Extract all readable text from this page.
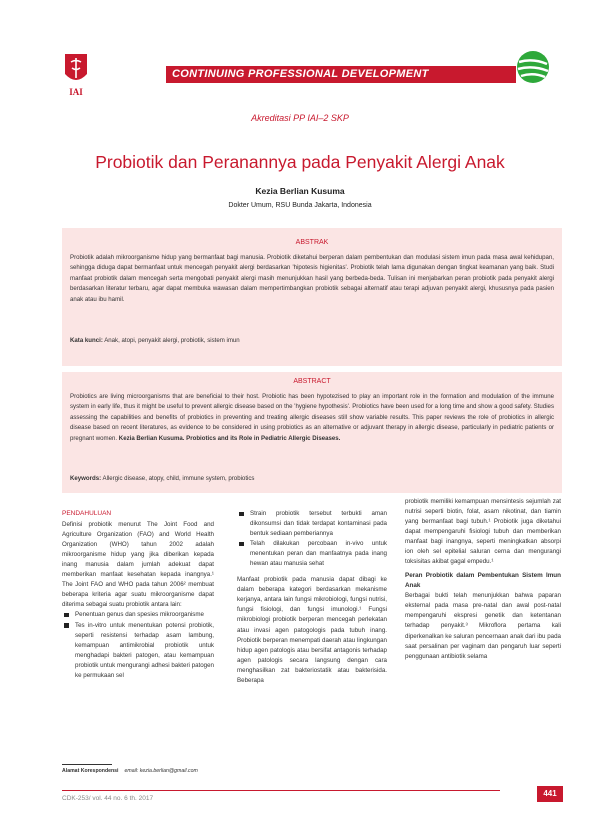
IAI
CONTINUING PROFESSIONAL DEVELOPMENT
Akreditasi PP IAI–2 SKP
Probiotik dan Peranannya pada Penyakit Alergi Anak
Kezia Berlian Kusuma
Dokter Umum, RSU Bunda Jakarta, Indonesia
ABSTRAK
Probiotik adalah mikroorganisme hidup yang bermanfaat bagi manusia. Probiotik diketahui berperan dalam pembentukan dan modulasi sistem imun pada masa awal kehidupan, sehingga diduga dapat bermanfaat untuk mencegah penyakit alergi berdasarkan 'hipotesis higienitas'. Probiotik telah lama digunakan dengan tingkat keamanan yang baik. Studi manfaat probiotik dalam mencegah serta mengobati penyakit alergi masih menunjukkan hasil yang berbeda-beda. Tulisan ini menjabarkan peran probiotik pada penyakit alergi berdasarkan literatur terbaru, agar dapat membuka wawasan dalam mempertimbangkan probiotik sebagai alternatif atau terapi adjuvan penyakit alergi, khususnya pada pasien anak atau ibu hamil.
Kata kunci: Anak, atopi, penyakit alergi, probiotik, sistem imun
ABSTRACT
Probiotics are living microorganisms that are beneficial to their host. Probiotic has been hypotezised to play an important role in the formation and modulation of the immune system in early life, thus it might be useful to prevent allergic disease based on the 'hygiene hypothesis'. Probiotics have been used for a long time and show a good safety. Studies assessing the capabilities and benefits of probiotics in preventing and treating allergic diseases still show variable results. This paper reviews the role of probiotics in allergic disease based on recent literatures, as evidence to be considered in using probiotics as an alternative or adjuvant therapy in allergic disease, particularly in pediatric patients or pregnant women. Kezia Berlian Kusuma. Probiotics and its Role in Pediatric Allergic Diseases.
Keywords: Allergic disease, atopy, child, immune system, probiotics
PENDAHULUAN

Definisi probiotik menurut The Joint Food and Agriculture Organization (FAO) and World Health Organization (WHO) tahun 2002 adalah mikroorganisme hidup yang jika diberikan kepada inang manusia dalam jumlah adekuat dapat memberikan manfaat kesehatan kepada inangnya.¹ The Joint FAO and WHO pada tahun 2006² membuat beberapa kriteria agar suatu mikroorganisme dapat diterima sebagai suatu probiotik antara lain:

Penentuan genus dan spesies mikroorganisme
Tes in-vitro untuk menentukan potensi probiotik, seperti resistensi terhadap asam lambung, kemampuan antimikrobial probiotik untuk menghadapi bakteri patogen, atau kemampuan probiotik untuk mengurangi adhesi bakteri patogen ke permukaan sel
Strain probiotik tersebut terbukti aman dikonsumsi dan tidak terdapat kontaminasi pada bentuk sediaan pemberiannya
Telah dilakukan percobaan in-vivo untuk menentukan peran dan manfaatnya pada inang hewan atau manusia sehat

Manfaat probiotik pada manusia dapat dibagi ke dalam beberapa kategori berdasarkan mekanisme kerjanya, antara lain fungsi mikrobiologi, fungsi nutrisi, fungsi fisiologi, dan fungsi imunologi.¹ Fungsi mikrobiologi probiotik berperan mencegah perlekatan atau invasi agen patogologis pada tubuh inang. Probiotik berperan menempati daerah atau lingkungan hidup agen patologis atau bersifat antagonis terhadap agen patologis secara langsung dengan cara menghasilkan zat bakteriostatik atau bakterisida. Beberapa

probiotik memiliki kemampuan mensintesis sejumlah zat nutrisi seperti biotin, folat, asam nikotinat, dan tiamin yang bermanfaat bagi tubuh.¹ Probiotik juga diketahui dapat mempengaruhi fisiologi tubuh dan memberikan manfaat bagi inangnya, seperti meningkatkan absorpi ion oleh sel epitelial saluran cerna dan mengurangi toksisitas akibat gagal empedu.¹

Peran Probiotik dalam Pembentukan Sistem Imun Anak

Berbagai bukti telah menunjukkan bahwa paparan eksternal pada masa pre-natal dan awal post-natal mempengaruhi ekspresi genetik dan ketentanan terhadap penyakit.³ Mikroflora pertama kali diperkenalkan ke saluran pencernaan anak dari ibu pada saat persalinan per vaginam dan pengaruh luar seperti penggunaan antibiotik selama

Alamat Korespondensi email: kezia.berlian@gmail.com
CDK-253/ vol. 44 no. 6 th. 2017
441
